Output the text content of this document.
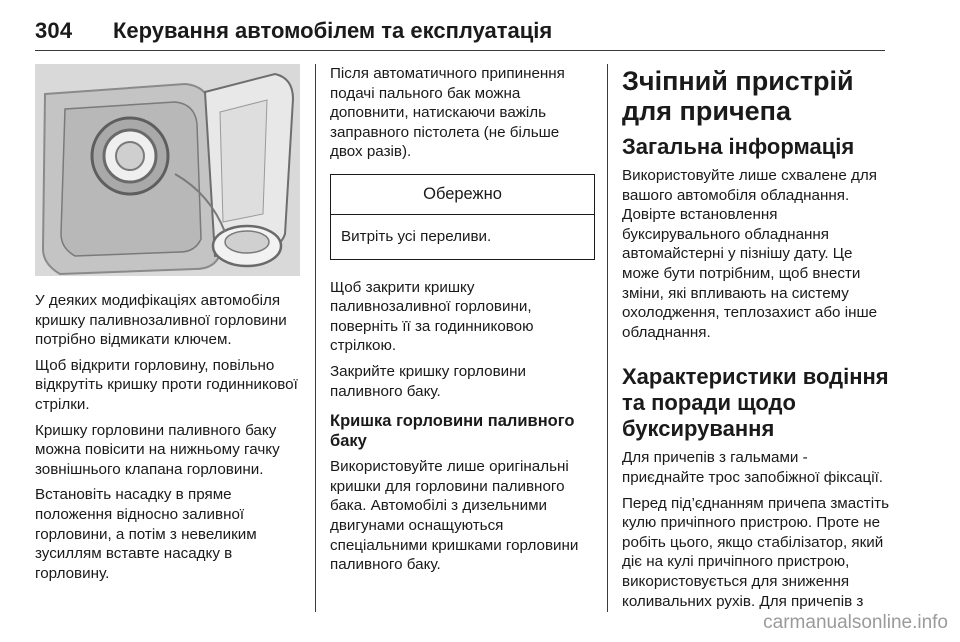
304 Керування автомобілем та експлуатація

У деяких модифікаціях автомобіля кришку паливнозаливної горловини потрібно відмикати ключем.

Щоб відкрити горловину, повільно відкрутіть кришку проти годинникової стрілки.

Кришку горловини паливного баку можна повісити на нижньому гачку зовнішнього клапана горловини.

Встановіть насадку в пряме положення відносно заливної горловини, а потім з невеликим зусиллям вставте насадку в горловину.

Після автоматичного припинення подачі пального бак можна доповнити, натискаючи важіль заправного пістолета (не більше двох разів).

Обережно
Витріть усі переливи.

Щоб закрити кришку паливнозаливної горловини, поверніть її за годинниковою стрілкою.

Закрийте кришку горловини паливного баку.

Кришка горловини паливного баку

Використовуйте лише оригінальні кришки для горловини паливного бака. Автомобілі з дизельними двигунами оснащуються спеціальними кришками горловини паливного баку.

Зчіпний пристрій для причепа
Загальна інформація

Використовуйте лише схвалене для вашого автомобіля обладнання. Довірте встановлення буксирувального обладнання автомайстерні у пізнішу дату. Це може бути потрібним, щоб внести зміни, які впливають на систему охолодження, теплозахист або інше обладнання.

Характеристики водіння та поради щодо буксирування

Для причепів з гальмами - приєднайте трос запобіжної фіксації.

Перед під’єднанням причепа змастіть кулю причіпного пристрою. Проте не робіть цього, якщо стабілізатор, який діє на кулі причіпного пристрою, використовується для зниження коливальних рухів. Для причепів з

carmanualsonline.info
